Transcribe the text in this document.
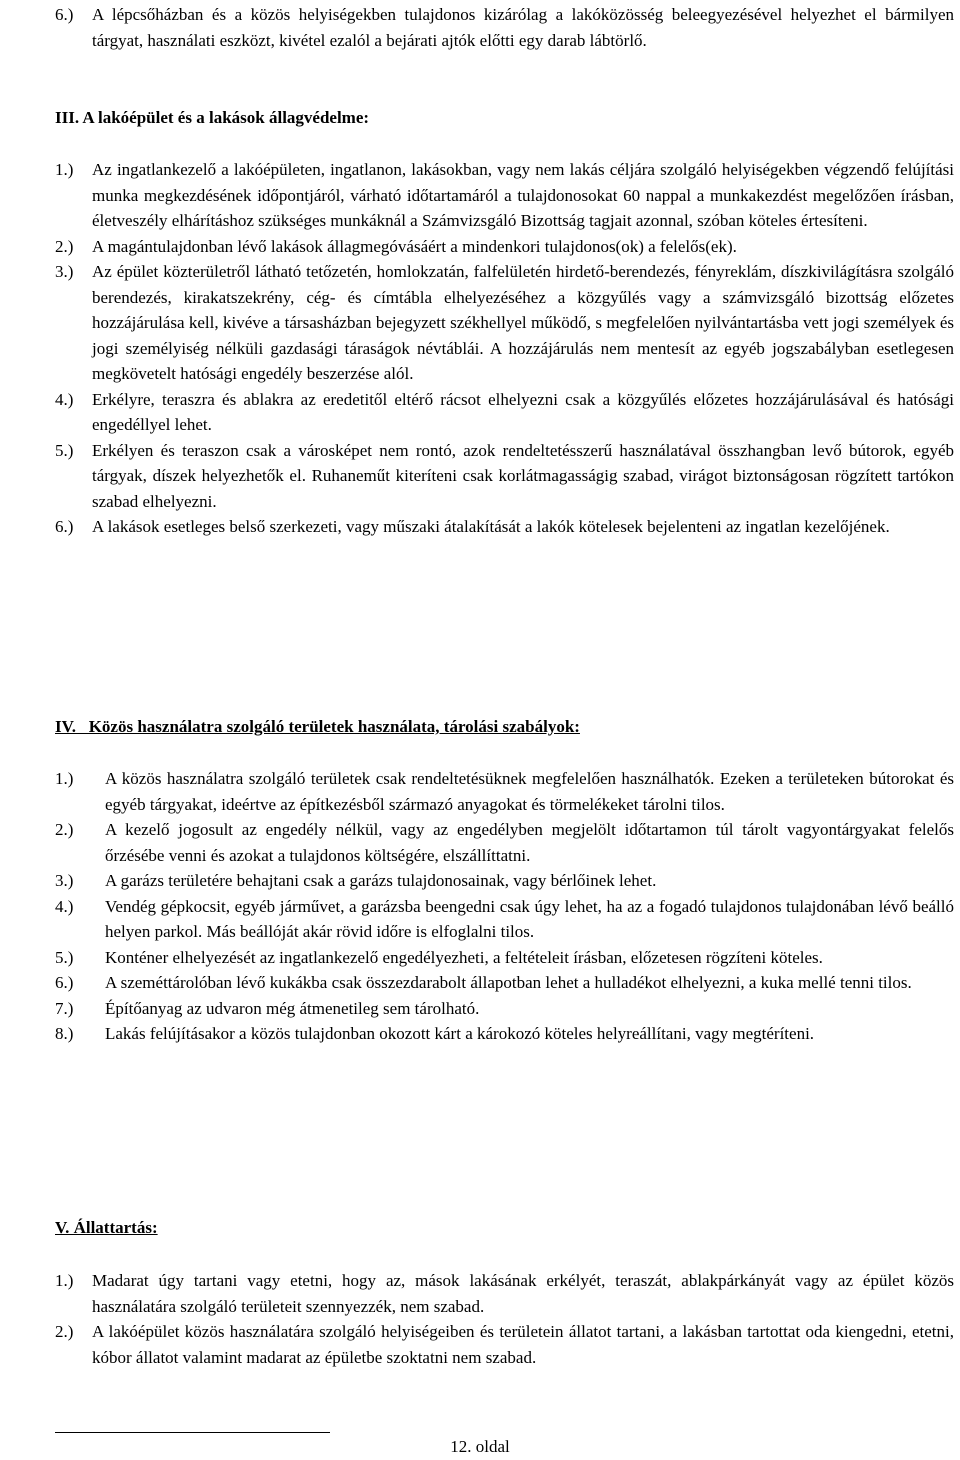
6.) A lépcsőházban és a közös helyiségekben tulajdonos kizárólag a lakóközösség beleegyezésével helyezhet el bármilyen tárgyat, használati eszközt, kivétel ezalól a bejárati ajtók előtti egy darab lábtörlő.
III. A lakóépület és a lakások állagvédelme:
1.) Az ingatlankezelő a lakóépületen, ingatlanon, lakásokban, vagy nem lakás céljára szolgáló helyiségekben végzendő felújítási munka megkezdésének időpontjáról, várható időtartamáról a tulajdonosokat 60 nappal a munkakezdést megelőzően írásban, életveszély elhárításhoz szükséges munkáknál a Számvizsgáló Bizottság tagjait azonnal, szóban köteles értesíteni.
2.) A magántulajdonban lévő lakások állagmegóvásáért a mindenkori tulajdonos(ok) a felelős(ek).
3.) Az épület közterületről látható tetőzetén, homlokzatán, falfelületén hirdető-berendezés, fényreklám, díszkivilágításra szolgáló berendezés, kirakatszekrény, cég- és címtábla elhelyezéséhez a közgyűlés vagy a számvizsgáló bizottság előzetes hozzájárulása kell, kivéve a társasházban bejegyzett székhellyel működő, s megfelelően nyilvántartásba vett jogi személyek és jogi személyiség nélküli gazdasági táraságok névtáblái. A hozzájárulás nem mentesít az egyéb jogszabályban esetlegesen megkövetelt hatósági engedély beszerzése alól.
4.) Erkélyre, teraszra és ablakra az eredetitől eltérő rácsot elhelyezni csak a közgyűlés előzetes hozzájárulásával és hatósági engedéllyel lehet.
5.) Erkélyen és teraszon csak a városképet nem rontó, azok rendeltetésszerű használatával összhangban levő bútorok, egyéb tárgyak, díszek helyezhetők el. Ruhaneműt kiteríteni csak korlátmagasságig szabad, virágot biztonságosan rögzített tartókon szabad elhelyezni.
6.) A lakások esetleges belső szerkezeti, vagy műszaki átalakítását a lakók kötelesek bejelenteni az ingatlan kezelőjének.
IV.   Közös használatra szolgáló területek használata, tárolási szabályok:
1.) A közös használatra szolgáló területek csak rendeltetésüknek megfelelően használhatók. Ezeken a területeken bútorokat és egyéb tárgyakat, ideértve az építkezésből származó anyagokat és törmelékeket tárolni tilos.
2.) A kezelő jogosult az engedély nélkül, vagy az engedélyben megjelölt időtartamon túl tárolt vagyontárgyakat felelős őrzésébe venni és azokat a tulajdonos költségére, elszállíttatni.
3.) A garázs területére behajtani csak a garázs tulajdonosainak, vagy bérlőinek lehet.
4.) Vendég gépkocsit, egyéb járművet, a garázsba beengedni csak úgy lehet, ha az a fogadó tulajdonos tulajdonában lévő beálló helyen parkol. Más beállóját akár rövid időre is elfoglalni tilos.
5.) Konténer elhelyezését az ingatlankezelő engedélyezheti, a feltételeit írásban, előzetesen rögzíteni köteles.
6.) A szeméttárolóban lévő kukákba csak összezdarabolt állapotban lehet a hulladékot elhelyezni, a kuka mellé tenni tilos.
7.) Építőanyag az udvaron még átmenetileg sem tárolható.
8.) Lakás felújításakor a közös tulajdonban okozott kárt a károkozó köteles helyreállítani, vagy megtéríteni.
V. Állattartás:
1.) Madarat úgy tartani vagy etetni, hogy az, mások lakásának erkélyét, teraszát, ablakpárkányát vagy az épület közös használatára szolgáló területeit szennyezzék, nem szabad.
2.) A lakóépület közös használatára szolgáló helyiségeiben és területein állatot tartani, a lakásban tartottat oda kiengedni, etetni, kóbor állatot valamint madarat az épületbe szoktatni nem szabad.
12. oldal
